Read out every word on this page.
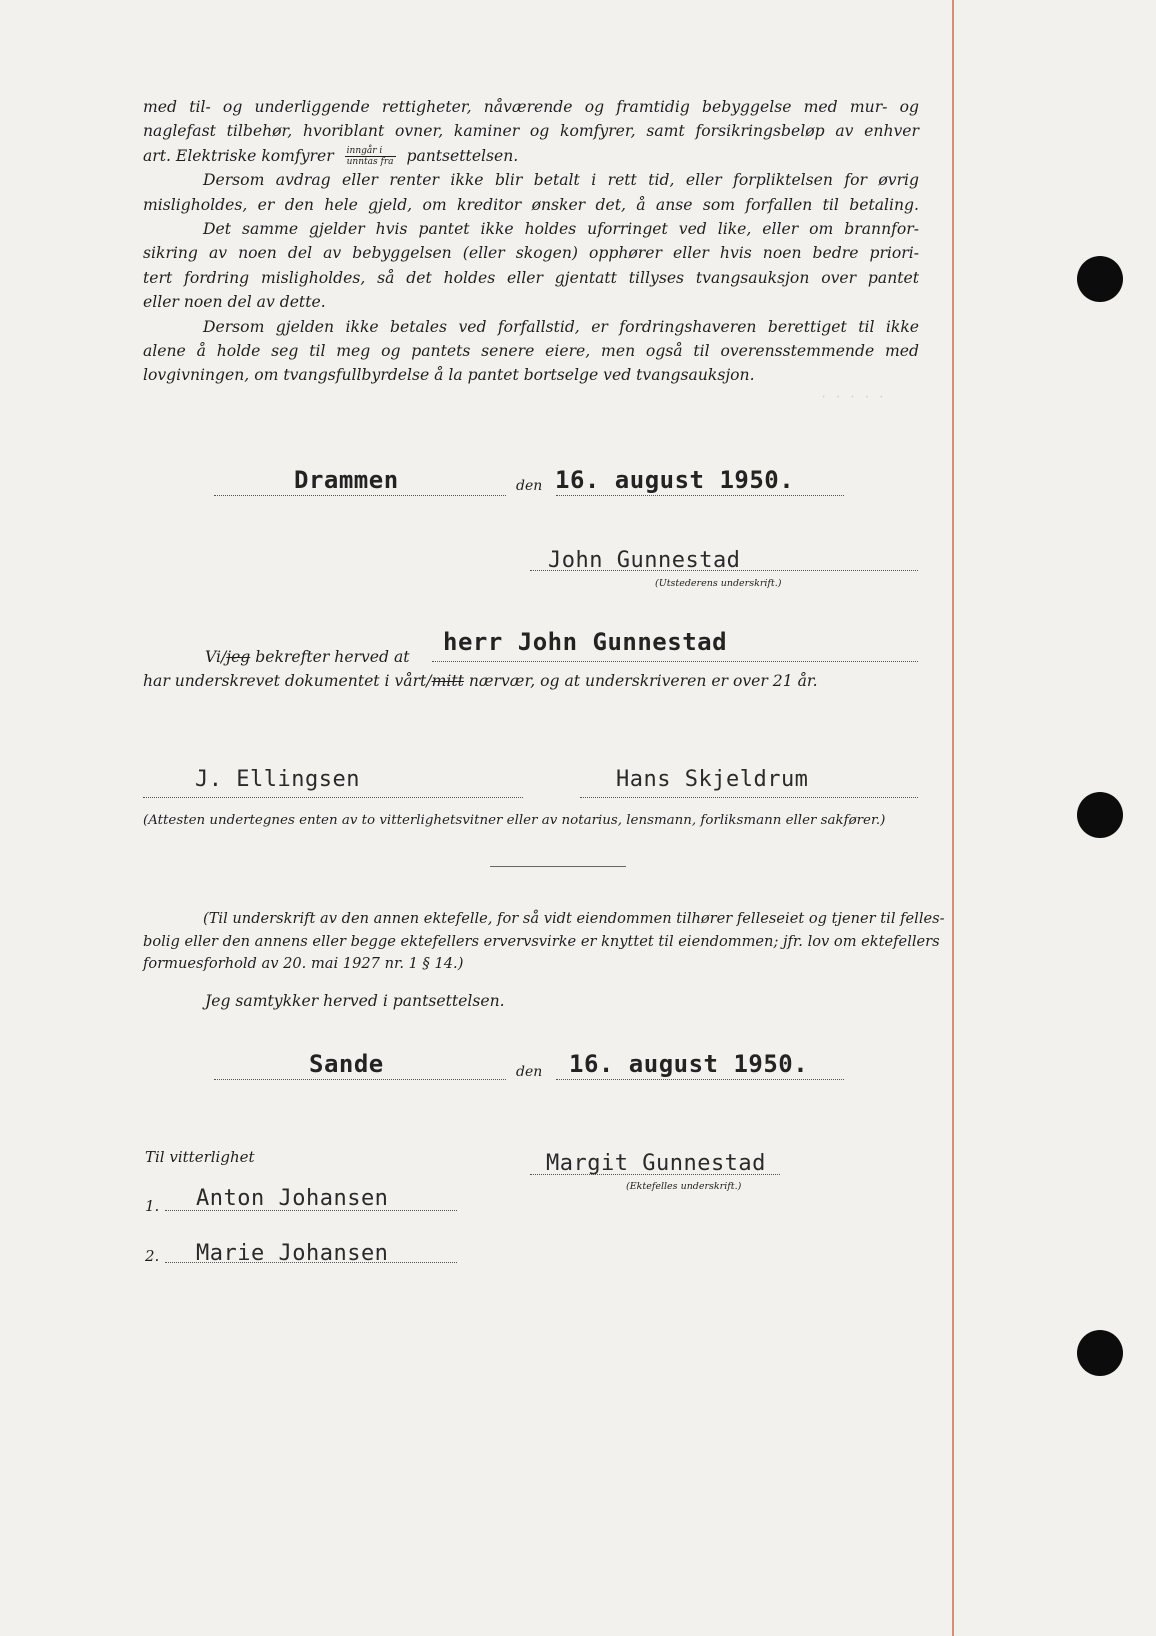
· · · · ·
med til- og underliggende rettigheter, nåværende og framtidig bebyggelse med mur- og
naglefast tilbehør, hvoriblant ovner, kaminer og komfyrer, samt forsikringsbeløp av enhver
art. Elektriske komfyrer $\frac{\text{inngår i}}{\text{unntas fra}}$ pantsettelsen.
Dersom avdrag eller renter ikke blir betalt i rett tid, eller forpliktelsen for øvrig
misligholdes, er den hele gjeld, om kreditor ønsker det, å anse som forfallen til betaling.
Det samme gjelder hvis pantet ikke holdes uforringet ved like, eller om brannfor-
sikring av noen del av bebyggelsen (eller skogen) opphører eller hvis noen bedre priori-
tert fordring misligholdes, så det holdes eller gjentatt tillyses tvangsauksjon over pantet
eller noen del av dette.
Dersom gjelden ikke betales ved forfallstid, er fordringshaveren berettiget til ikke
alene å holde seg til meg og pantets senere eiere, men også til overensstemmende med
lovgivningen, om tvangsfullbyrdelse å la pantet bortselge ved tvangsauksjon.
Drammen	den 16. august 1950.
John Gunnestad
(Utstederens underskrift.)
Vi/jeg bekrefter herved at
herr John Gunnestad
har underskrevet dokumentet i vårt/mitt nærvær, og at underskriveren er over 21 år.
J. Ellingsen	Hans Skjeldrum
(Attesten undertegnes enten av to vitterlighetsvitner eller av notarius, lensmann, forliksmann eller sakfører.)
(Til underskrift av den annen ektefelle, for så vidt eiendommen tilhører felleseiet og tjener til felles-
bolig eller den annens eller begge ektefellers ervervsvirke er knyttet til eiendommen; jfr. lov om ektefellers
formuesforhold av 20. mai 1927 nr. 1 § 14.)
Jeg samtykker herved i pantsettelsen.
Sande	den 16. august 1950.
Til vitterlighet	Margit Gunnestad
(Ektefelles underskrift.)
1. Anton Johansen
2. Marie Johansen
